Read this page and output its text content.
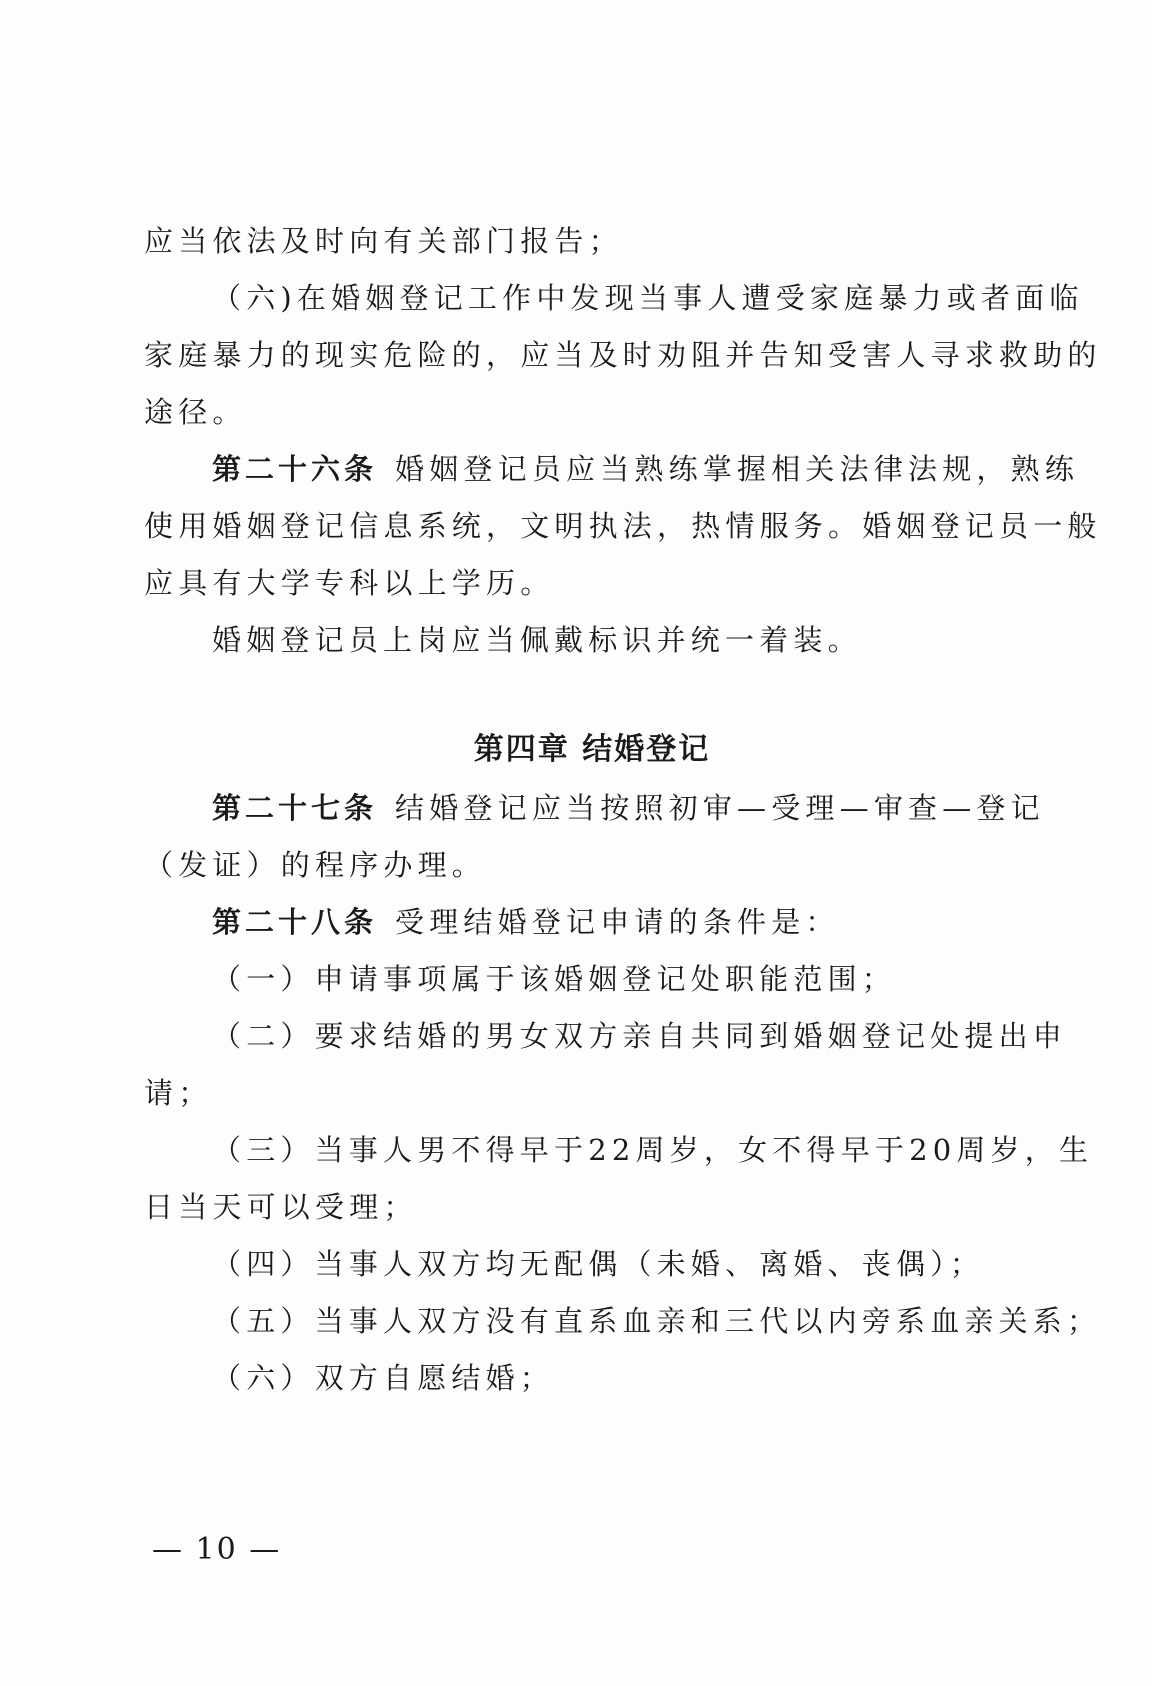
应当依法及时向有关部门报告；
（六)在婚姻登记工作中发现当事人遭受家庭暴力或者面临
家庭暴力的现实危险的，应当及时劝阻并告知受害人寻求救助的
途径。
第二十六条 婚姻登记员应当熟练掌握相关法律法规，熟练
使用婚姻登记信息系统，文明执法，热情服务。婚姻登记员一般
应具有大学专科以上学历。
婚姻登记员上岗应当佩戴标识并统一着装。
第四章 结婚登记
第二十七条 结婚登记应当按照初审—受理—审查—登记
（发证）的程序办理。
第二十八条 受理结婚登记申请的条件是：
（一）申请事项属于该婚姻登记处职能范围；
（二）要求结婚的男女双方亲自共同到婚姻登记处提出申
请；
（三）当事人男不得早于22周岁，女不得早于20周岁，生
日当天可以受理；
（四）当事人双方均无配偶（未婚、离婚、丧偶）；
（五）当事人双方没有直系血亲和三代以内旁系血亲关系；
（六）双方自愿结婚；
— 10 —
